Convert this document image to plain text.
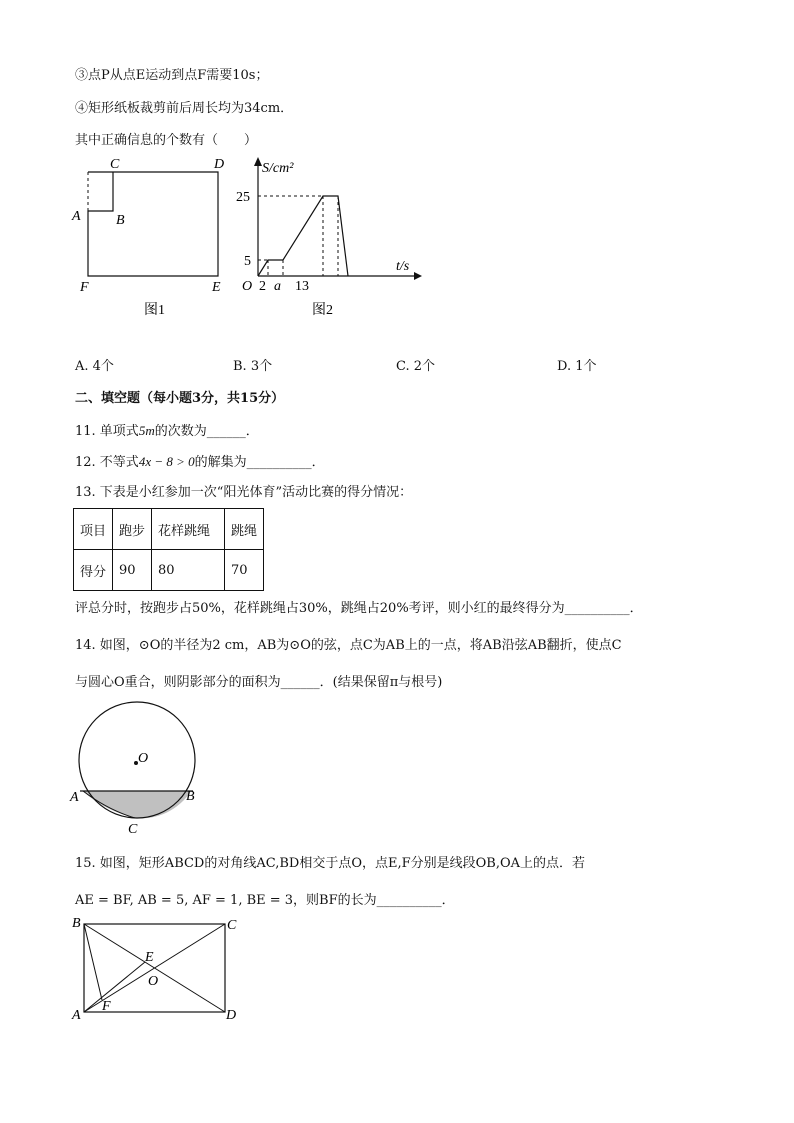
③点P从点E运动到点F需要10s；
④矩形纸板裁剪前后周长均为34cm．
其中正确信息的个数有（　　）
C	D
A	B
F	E
图1
S/cm²
t/s
O
25
5
2 a 13
图2
A. 4个	B. 3个	C. 2个	D. 1个
二、填空题（每小题3分，共15分）
11. 单项式5m的次数为______．
12. 不等式4x − 8 > 0的解集为__________．
13. 下表是小红参加一次“阳光体育”活动比赛的得分情况：
项目	跑步	花样跳绳	跳绳
得分	90	80	70
评总分时，按跑步占50%，花样跳绳占30%，跳绳占20%考评，则小红的最终得分为__________．
14. 如图，⊙O的半径为2 cm，AB为⊙O的弦，点C为AB上的一点，将AB沿弦AB翻折，使点C
与圆心O重合，则阴影部分的面积为______．(结果保留π与根号)
O
A	B
C
15. 如图，矩形ABCD的对角线AC,BD相交于点O，点E,F分别是线段OB,OA上的点．若
AE = BF, AB = 5, AF = 1, BE = 3，则BF的长为__________．
B	C
E
O
A
F
D
